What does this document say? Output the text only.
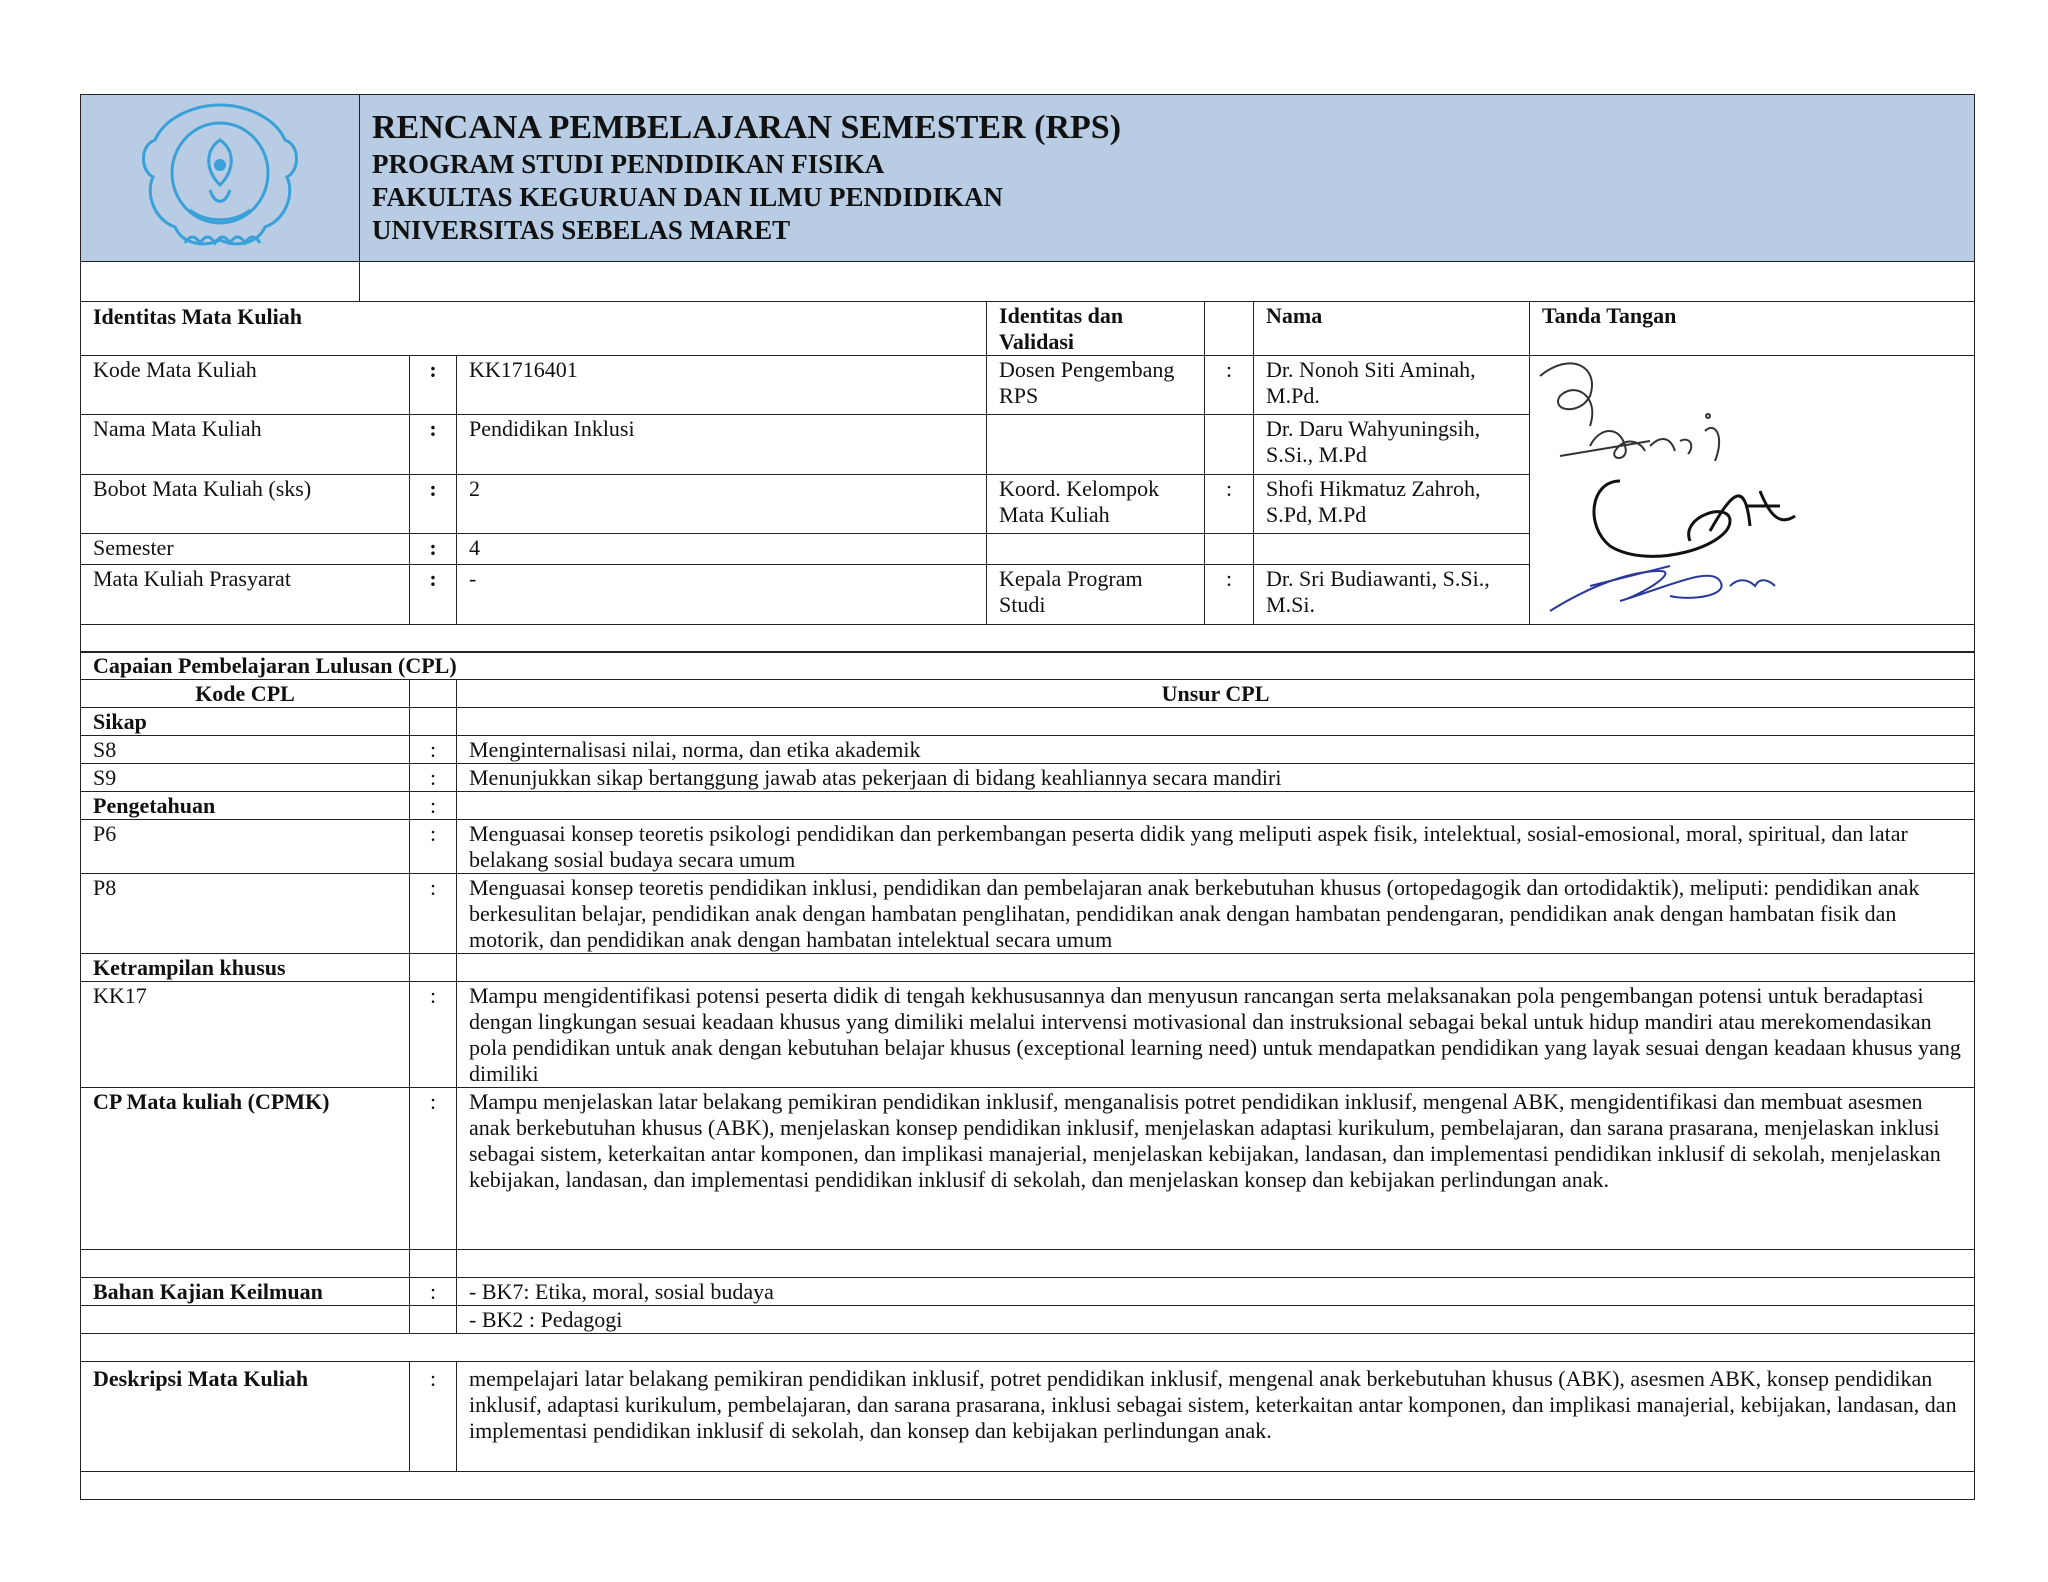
RENCANA PEMBELAJARAN SEMESTER (RPS)
PROGRAM STUDI PENDIDIKAN FISIKA
FAKULTAS KEGURUAN DAN ILMU PENDIDIKAN
UNIVERSITAS SEBELAS MARET

Identitas Mata Kuliah			Identitas dan Validasi		Nama	Tanda Tangan
Kode Mata Kuliah	:	KK1716401	Dosen Pengembang RPS	:	Dr. Nonoh Siti Aminah, M.Pd.	
Nama Mata Kuliah	:	Pendidikan Inklusi			Dr. Daru Wahyuningsih, S.Si., M.Pd	
Bobot Mata Kuliah (sks)	:	2	Koord. Kelompok Mata Kuliah	:	Shofi Hikmatuz Zahroh, S.Pd, M.Pd	
Semester	:	4				
Mata Kuliah Prasyarat	:	-	Kepala Program Studi	:	Dr. Sri Budiawanti, S.Si., M.Si.	

Capaian Pembelajaran Lulusan (CPL)		
Kode CPL		Unsur CPL
Sikap		
S8	:	Menginternalisasi nilai, norma, dan etika akademik
S9	:	Menunjukkan sikap bertanggung jawab atas pekerjaan di bidang keahliannya secara mandiri
Pengetahuan	:	
P6	:	Menguasai konsep teoretis psikologi pendidikan dan perkembangan peserta didik yang meliputi aspek fisik, intelektual, sosial-emosional, moral, spiritual, dan latar belakang sosial budaya secara umum
P8	:	Menguasai konsep teoretis pendidikan inklusi, pendidikan dan pembelajaran anak berkebutuhan khusus (ortopedagogik dan ortodidaktik), meliputi: pendidikan anak berkesulitan belajar, pendidikan anak dengan hambatan penglihatan, pendidikan anak dengan hambatan pendengaran, pendidikan anak dengan hambatan fisik dan motorik, dan pendidikan anak dengan hambatan intelektual secara umum
Ketrampilan khusus		
KK17	:	Mampu mengidentifikasi potensi peserta didik di tengah kekhususannya dan menyusun rancangan serta melaksanakan pola pengembangan potensi untuk beradaptasi dengan lingkungan sesuai keadaan khusus yang dimiliki melalui intervensi motivasional dan instruksional sebagai bekal untuk hidup mandiri atau merekomendasikan pola pendidikan untuk anak dengan kebutuhan belajar khusus (exceptional learning need) untuk mendapatkan pendidikan yang layak sesuai dengan keadaan khusus yang dimiliki
CP Mata kuliah (CPMK)	:	Mampu menjelaskan latar belakang pemikiran pendidikan inklusif, menganalisis potret pendidikan inklusif, mengenal ABK, mengidentifikasi dan membuat asesmen anak berkebutuhan khusus (ABK), menjelaskan konsep pendidikan inklusif, menjelaskan adaptasi kurikulum, pembelajaran, dan sarana prasarana, menjelaskan inklusi sebagai sistem, keterkaitan antar komponen, dan implikasi manajerial, menjelaskan kebijakan, landasan, dan implementasi pendidikan inklusif di sekolah, menjelaskan kebijakan, landasan, dan implementasi pendidikan inklusif di sekolah, dan menjelaskan konsep dan kebijakan perlindungan anak.

Bahan Kajian Keilmuan	:	- BK7: Etika, moral, sosial budaya
		- BK2 : Pedagogi

Deskripsi Mata Kuliah	:	mempelajari latar belakang pemikiran pendidikan inklusif, potret pendidikan inklusif, mengenal anak berkebutuhan khusus (ABK), asesmen ABK, konsep pendidikan inklusif, adaptasi kurikulum, pembelajaran, dan sarana prasarana, inklusi sebagai sistem, keterkaitan antar komponen, dan implikasi manajerial, kebijakan, landasan, dan implementasi pendidikan inklusif di sekolah, dan konsep dan kebijakan perlindungan anak.
